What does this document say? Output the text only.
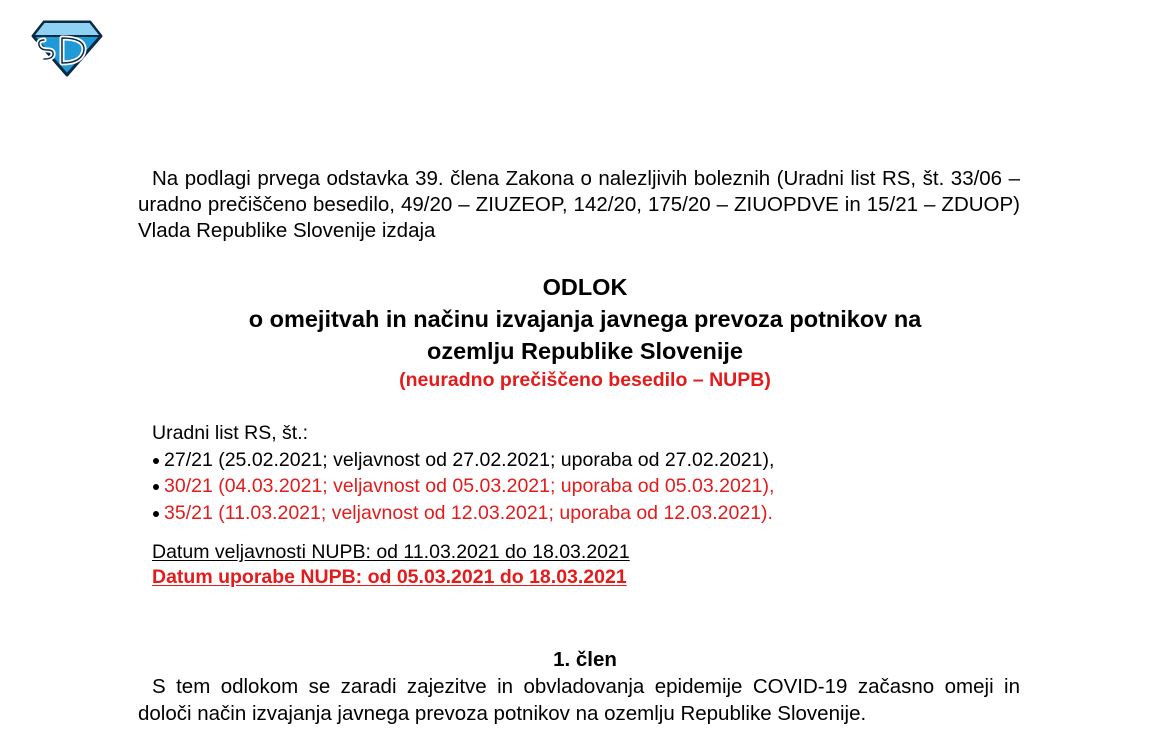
Na podlagi prvega odstavka 39. člena Zakona o nalezljivih boleznih (Uradni list RS, št. 33/06 – uradno prečiščeno besedilo, 49/20 – ZIUZEOP, 142/20, 175/20 – ZIUOPDVE in 15/21 – ZDUOP) Vlada Republike Slovenije izdaja

ODLOK

o omejitvah in načinu izvajanja javnega prevoza potnikov na

ozemlju Republike Slovenije

(neuradno prečiščeno besedilo – NUPB)

Uradni list RS, št.:

27/21 (25.02.2021; veljavnost od 27.02.2021; uporaba od 27.02.2021),
30/21 (04.03.2021; veljavnost od 05.03.2021; uporaba od 05.03.2021),
35/21 (11.03.2021; veljavnost od 12.03.2021; uporaba od 12.03.2021).

Datum veljavnosti NUPB: od 11.03.2021 do 18.03.2021

Datum uporabe NUPB: od 05.03.2021 do 18.03.2021

1. člen

S tem odlokom se zaradi zajezitve in obvladovanja epidemije COVID-19 začasno omeji in določi način izvajanja javnega prevoza potnikov na ozemlju Republike Slovenije.
